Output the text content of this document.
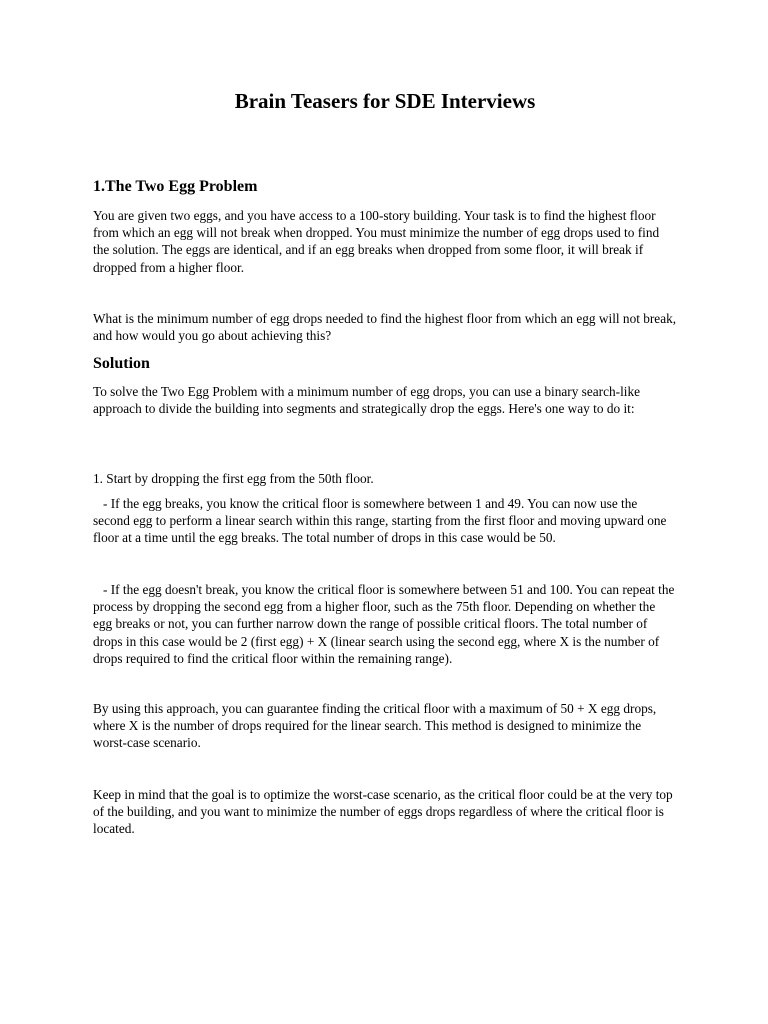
Brain Teasers for SDE Interviews
1.The Two Egg Problem

You are given two eggs, and you have access to a 100-story building. Your task is to find the highest floor from which an egg will not break when dropped. You must minimize the number of egg drops used to find the solution. The eggs are identical, and if an egg breaks when dropped from some floor, it will break if dropped from a higher floor.

What is the minimum number of egg drops needed to find the highest floor from which an egg will not break, and how would you go about achieving this?

Solution

To solve the Two Egg Problem with a minimum number of egg drops, you can use a binary search-like approach to divide the building into segments and strategically drop the eggs. Here's one way to do it:

1. Start by dropping the first egg from the 50th floor.

- If the egg breaks, you know the critical floor is somewhere between 1 and 49. You can now use the second egg to perform a linear search within this range, starting from the first floor and moving upward one floor at a time until the egg breaks. The total number of drops in this case would be 50.

- If the egg doesn't break, you know the critical floor is somewhere between 51 and 100. You can repeat the process by dropping the second egg from a higher floor, such as the 75th floor. Depending on whether the egg breaks or not, you can further narrow down the range of possible critical floors. The total number of drops in this case would be 2 (first egg) + X (linear search using the second egg, where X is the number of drops required to find the critical floor within the remaining range).

By using this approach, you can guarantee finding the critical floor with a maximum of 50 + X egg drops, where X is the number of drops required for the linear search. This method is designed to minimize the worst-case scenario.

Keep in mind that the goal is to optimize the worst-case scenario, as the critical floor could be at the very top of the building, and you want to minimize the number of eggs drops regardless of where the critical floor is located.
